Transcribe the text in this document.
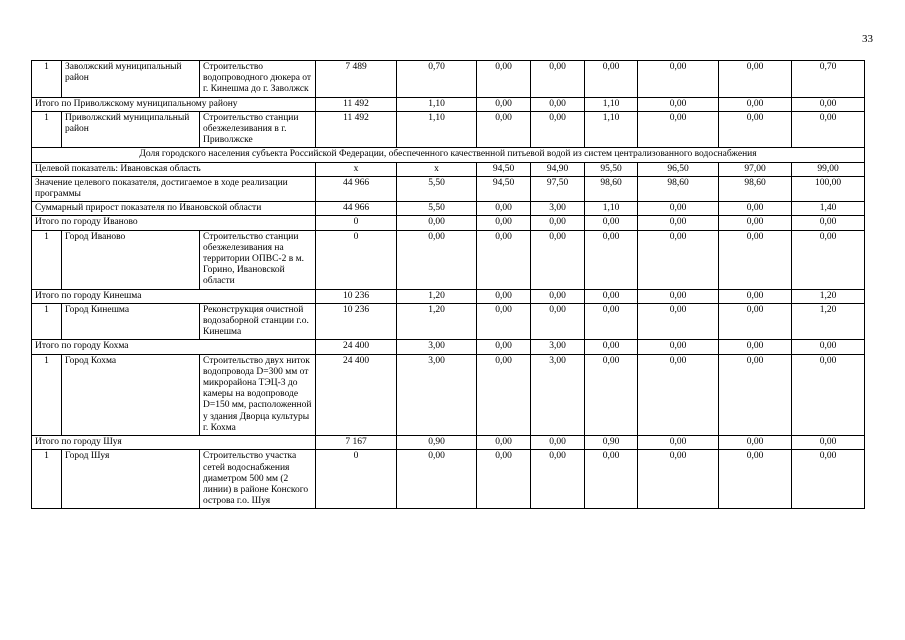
33
1	Заволжский муниципальный район	Строительство водопроводного дюкера от г. Кинешма до г. Заволжск	7 489	0,70	0,00	0,00	0,00	0,00	0,00	0,70
Итого по Приволжскому муниципальному району			11 492	1,10	0,00	0,00	1,10	0,00	0,00	0,00
1	Приволжский муниципальный район	Строительство станции обезжелезивания в г. Приволжске	11 492	1,10	0,00	0,00	1,10	0,00	0,00	0,00
Доля городского населения субъекта Российской Федерации, обеспеченного качественной питьевой водой из систем централизованного водоснабжения										
Целевой показатель: Ивановская область			x	x	94,50	94,90	95,50	96,50	97,00	99,00
Значение целевого показателя, достигаемое в ходе реализации программы			44 966	5,50	94,50	97,50	98,60	98,60	98,60	100,00
Суммарный прирост показателя по Ивановской области			44 966	5,50	0,00	3,00	1,10	0,00	0,00	1,40
Итого по городу Иваново			0	0,00	0,00	0,00	0,00	0,00	0,00	0,00
1	Город Иваново	Строительство станции обезжелезивания на территории ОПВС-2 в м. Горино, Ивановской области	0	0,00	0,00	0,00	0,00	0,00	0,00	0,00
Итого по городу Кинешма			10 236	1,20	0,00	0,00	0,00	0,00	0,00	1,20
1	Город Кинешма	Реконструкция очистной водозаборной станции г.о. Кинешма	10 236	1,20	0,00	0,00	0,00	0,00	0,00	1,20
Итого по городу Кохма			24 400	3,00	0,00	3,00	0,00	0,00	0,00	0,00
1	Город Кохма	Строительство двух ниток водопровода D=300 мм от микрорайона ТЭЦ-3 до камеры на водопроводе D=150 мм, расположенной у здания Дворца культуры г. Кохма	24 400	3,00	0,00	3,00	0,00	0,00	0,00	0,00
Итого по городу Шуя			7 167	0,90	0,00	0,00	0,90	0,00	0,00	0,00
1	Город Шуя	Строительство участка сетей водоснабжения диаметром 500 мм (2 линии) в районе Конского острова г.о. Шуя	0	0,00	0,00	0,00	0,00	0,00	0,00	0,00
